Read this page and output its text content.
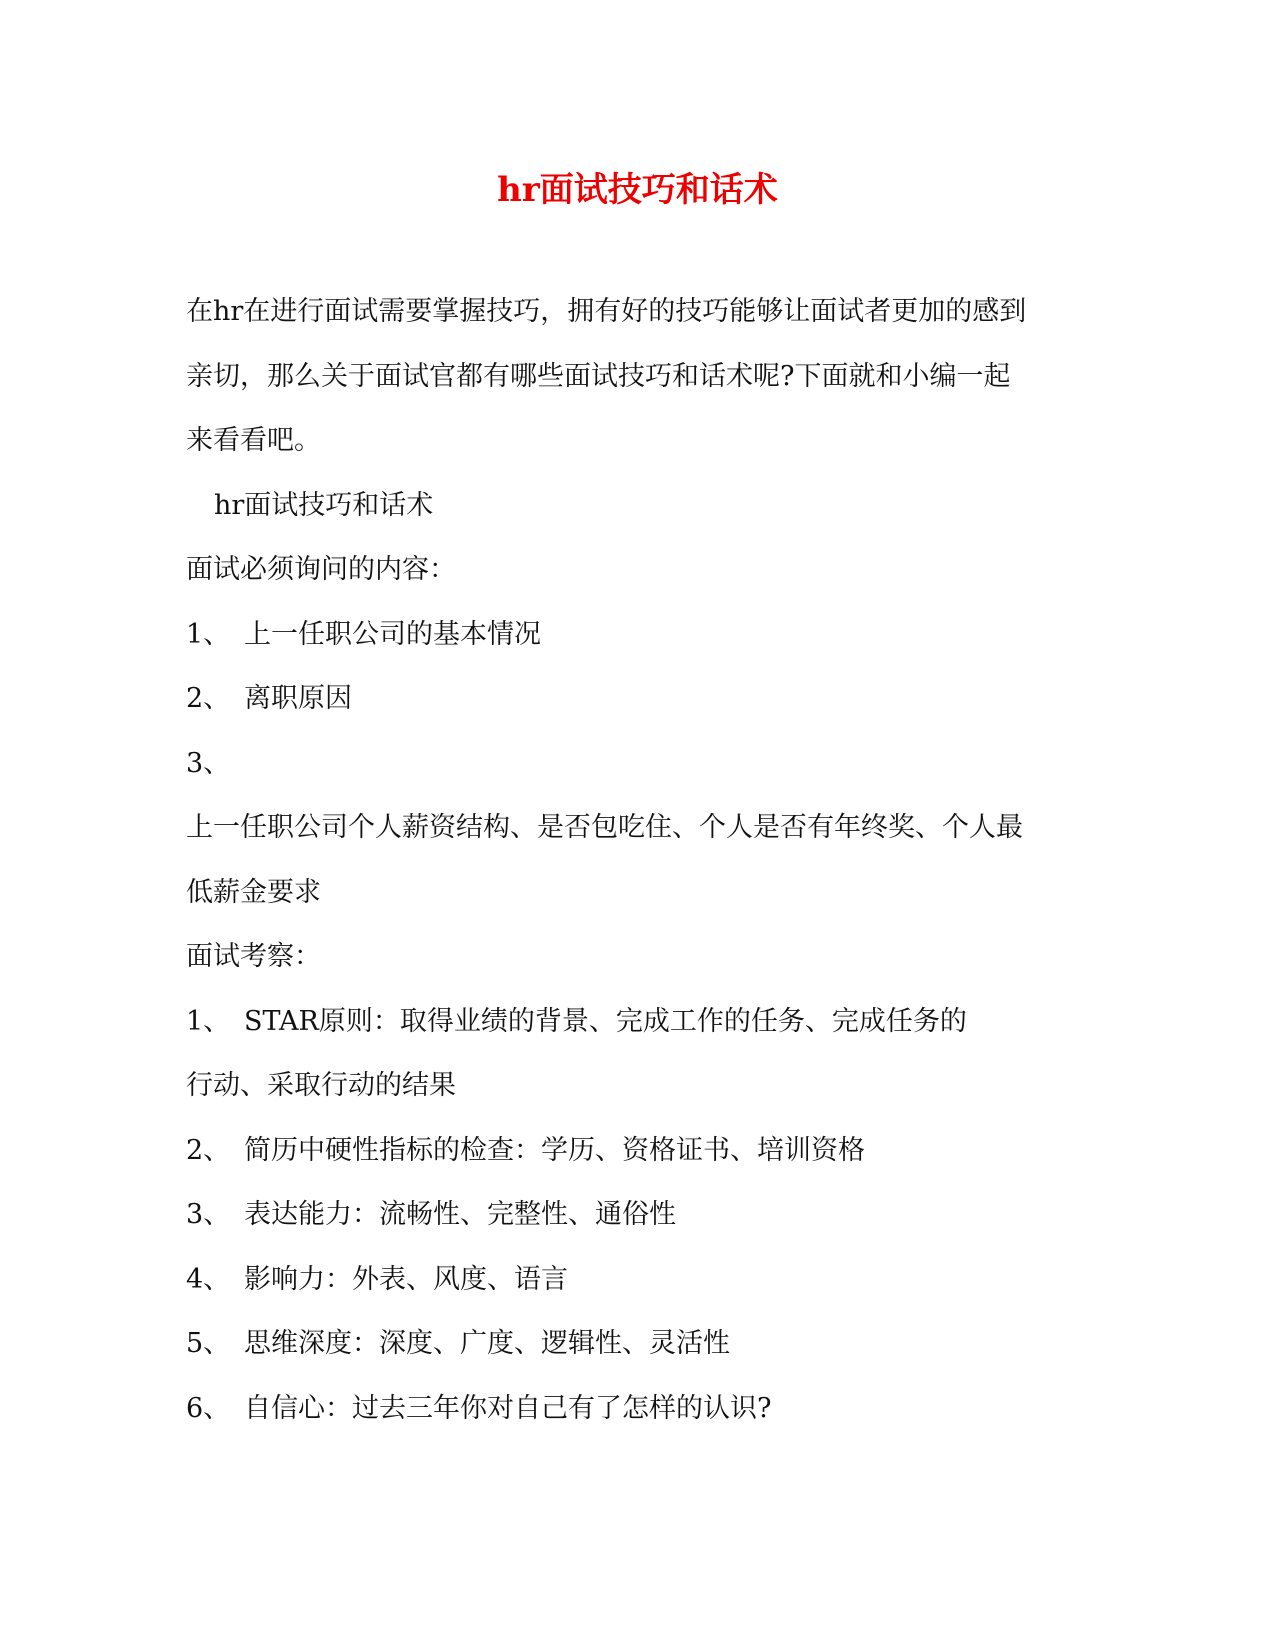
hr面试技巧和话术
在hr在进行面试需要掌握技巧，拥有好的技巧能够让面试者更加的感到
亲切，那么关于面试官都有哪些面试技巧和话术呢?下面就和小编一起
来看看吧。
hr面试技巧和话术
面试必须询问的内容：
1、 上一任职公司的基本情况
2、 离职原因
3、
上一任职公司个人薪资结构、是否包吃住、个人是否有年终奖、个人最
低薪金要求
面试考察：
1、 STAR原则：取得业绩的背景、完成工作的任务、完成任务的
行动、采取行动的结果
2、 简历中硬性指标的检查：学历、资格证书、培训资格
3、 表达能力：流畅性、完整性、通俗性
4、 影响力：外表、风度、语言
5、 思维深度：深度、广度、逻辑性、灵活性
6、 自信心：过去三年你对自己有了怎样的认识?
